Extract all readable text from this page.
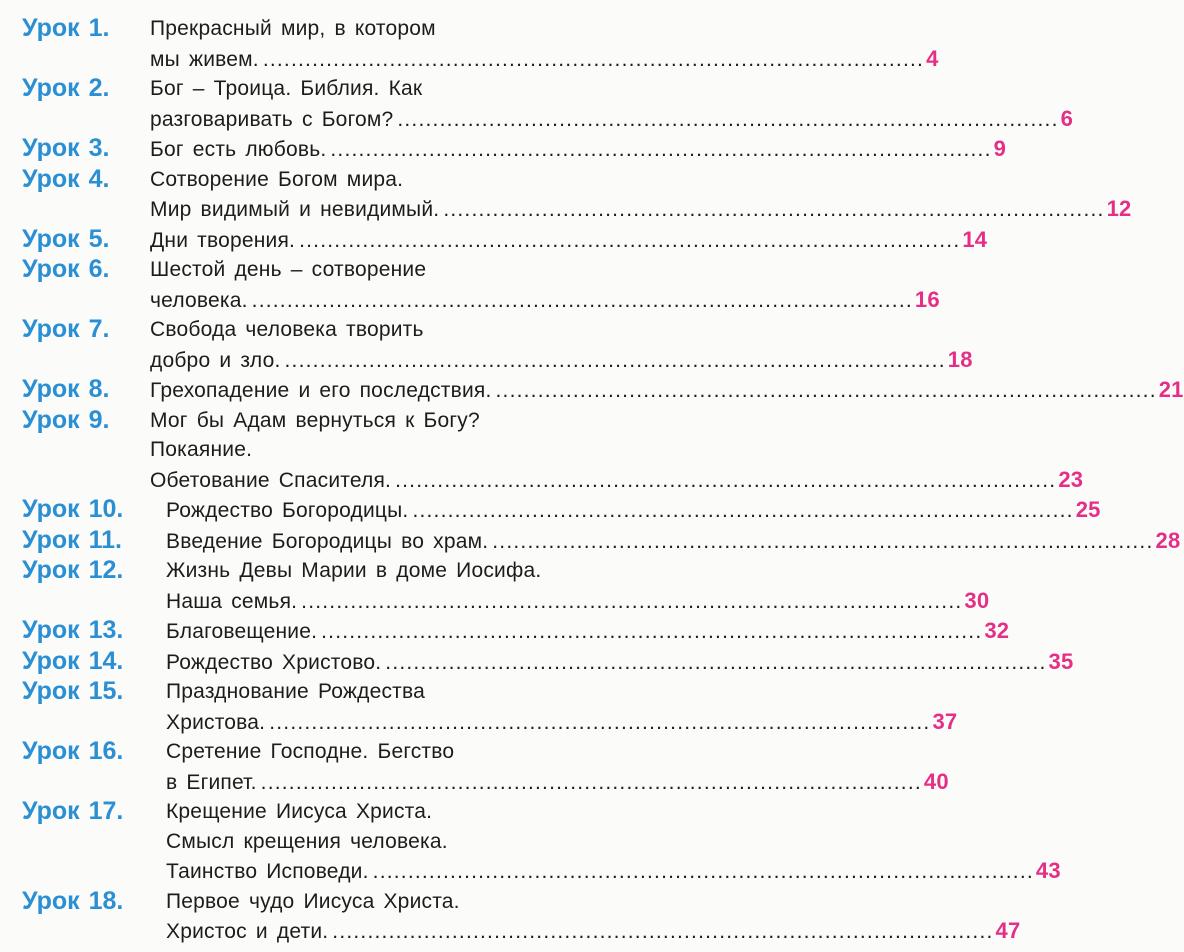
Урок 1.	Прекрасный мир, в котором
мы живем. .............................................................................................. 4
Урок 2.	Бог – Троица. Библия. Как
разговаривать с Богом? .............................................................................................. 6
Урок 3.	Бог есть любовь. .............................................................................................. 9
Урок 4.	Сотворение Богом мира.
Мир видимый и невидимый. .............................................................................................. 12
Урок 5.	Дни творения. .............................................................................................. 14
Урок 6.	Шестой день – сотворение
человека. .............................................................................................. 16
Урок 7.	Свобода человека творить
добро и зло. .............................................................................................. 18
Урок 8.	Грехопадение и его последствия. .............................................................................................. 21
Урок 9.	Мог бы Адам вернуться к Богу?
Покаяние.
Обетование Спасителя. .............................................................................................. 23
Урок 10.	Рождество Богородицы. .............................................................................................. 25
Урок 11.	Введение Богородицы во храм. .............................................................................................. 28
Урок 12.	Жизнь Девы Марии в доме Иосифа.
Наша семья. .............................................................................................. 30
Урок 13.	Благовещение. .............................................................................................. 32
Урок 14.	Рождество Христово. .............................................................................................. 35
Урок 15.	Празднование Рождества
Христова. .............................................................................................. 37
Урок 16.	Сретение Господне. Бегство
в Египет. .............................................................................................. 40
Урок 17.	Крещение Иисуса Христа.
Смысл крещения человека.
Таинство Исповеди. .............................................................................................. 43
Урок 18.	Первое чудо Иисуса Христа.
Христос и дети. .............................................................................................. 47
